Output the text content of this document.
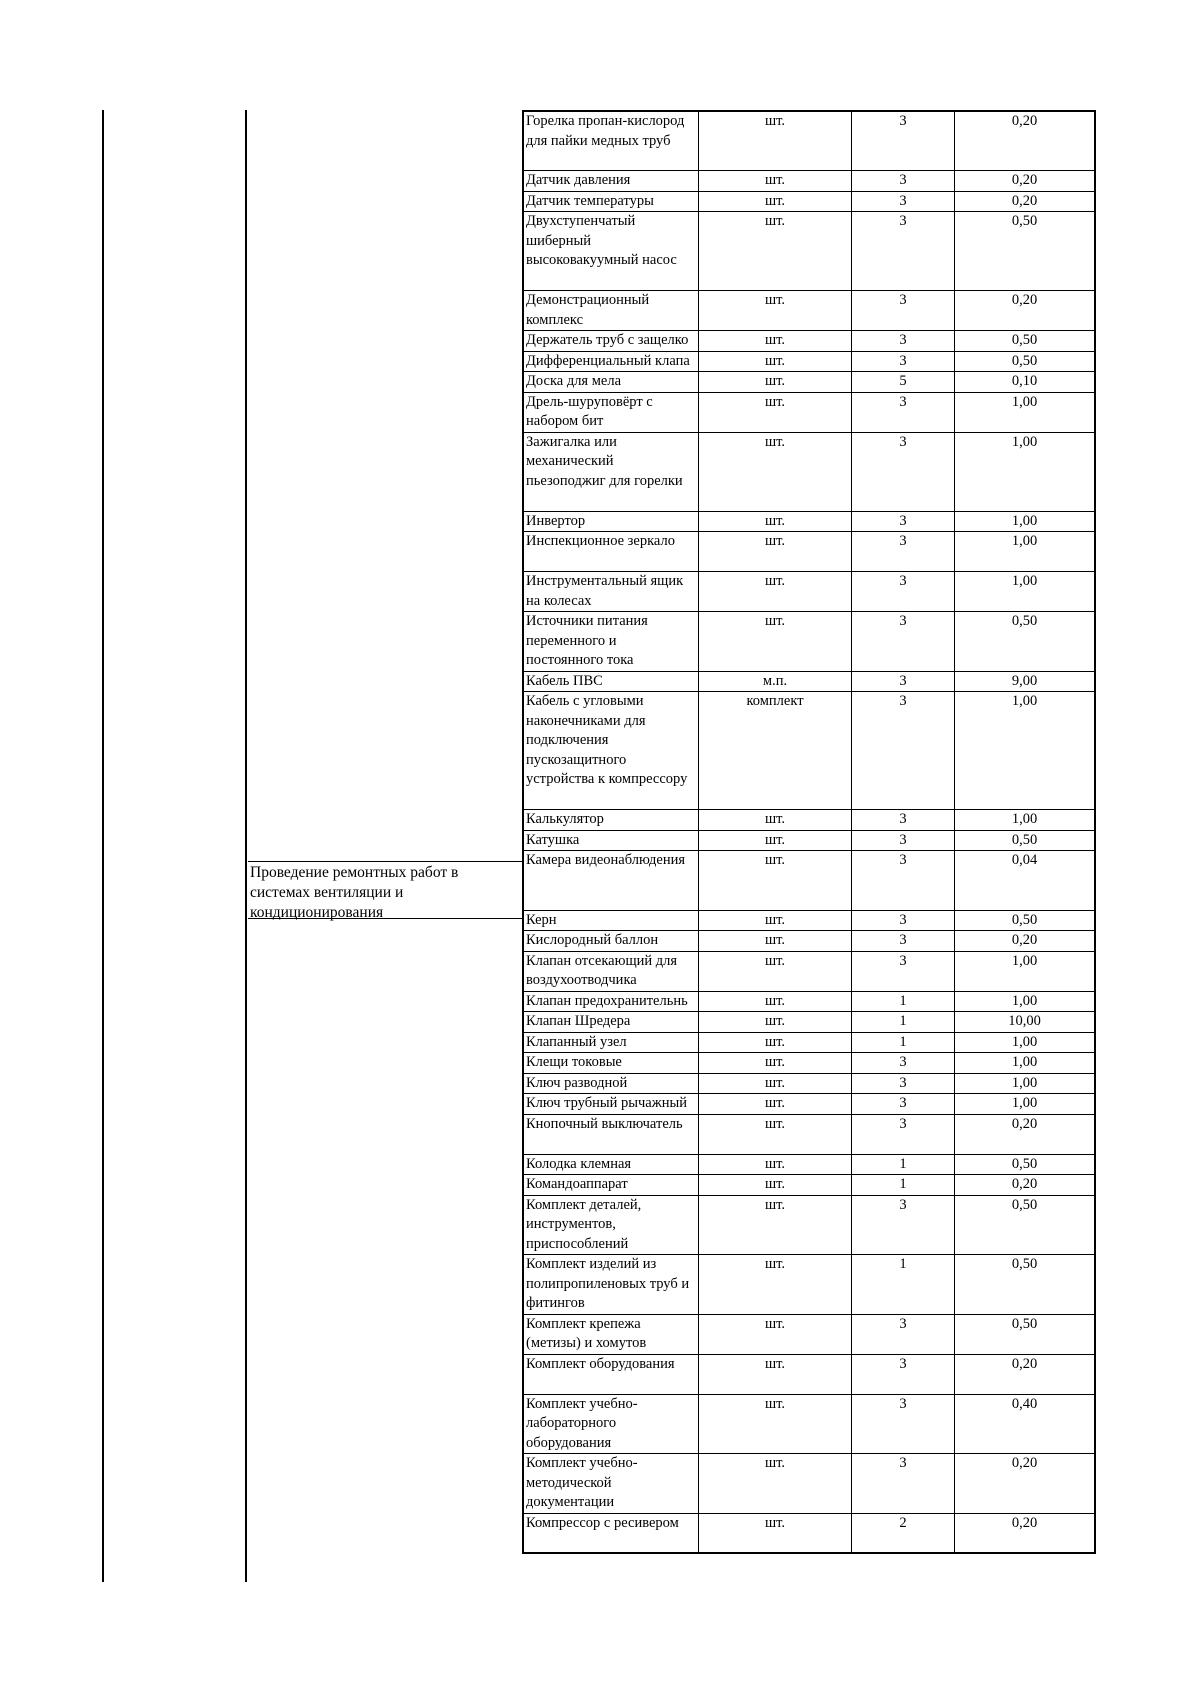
Проведение ремонтных работ в системах вентиляции и кондиционирования
Горелка пропан-кислород для пайки медных труб	шт.	3	0,20
Датчик давления	шт.	3	0,20
Датчик температуры	шт.	3	0,20
Двухступенчатый шиберный высоковакуумный насос	шт.	3	0,50
Демонстрационный комплекс	шт.	3	0,20
Держатель труб с защелко	шт.	3	0,50
Дифференциальный клапа	шт.	3	0,50
Доска для мела	шт.	5	0,10
Дрель-шуруповёрт с набором бит	шт.	3	1,00
Зажигалка или механический пьезоподжиг для горелки	шт.	3	1,00
Инвертор	шт.	3	1,00
Инспекционное зеркало	шт.	3	1,00
Инструментальный ящик на колесах	шт.	3	1,00
Источники питания переменного и постоянного тока	шт.	3	0,50
Кабель ПВС	м.п.	3	9,00
Кабель с угловыми наконечниками для подключения пускозащитного устройства к компрессору	комплект	3	1,00
Калькулятор	шт.	3	1,00
Катушка	шт.	3	0,50
Камера видеонаблюдения	шт.	3	0,04
Керн	шт.	3	0,50
Кислородный баллон	шт.	3	0,20
Клапан отсекающий для воздухоотводчика	шт.	3	1,00
Клапан предохранительнь	шт.	1	1,00
Клапан Шредера	шт.	1	10,00
Клапанный узел	шт.	1	1,00
Клещи токовые	шт.	3	1,00
Ключ разводной	шт.	3	1,00
Ключ трубный рычажный	шт.	3	1,00
Кнопочный выключатель	шт.	3	0,20
Колодка клемная	шт.	1	0,50
Командоаппарат	шт.	1	0,20
Комплект деталей, инструментов, приспособлений	шт.	3	0,50
Комплект изделий из полипропиленовых труб и фитингов	шт.	1	0,50
Комплект крепежа (метизы) и хомутов	шт.	3	0,50
Комплект оборудования	шт.	3	0,20
Комплект учебно-лабораторного оборудования	шт.	3	0,40
Комплект учебно-методической документации	шт.	3	0,20
Компрессор с ресивером	шт.	2	0,20
